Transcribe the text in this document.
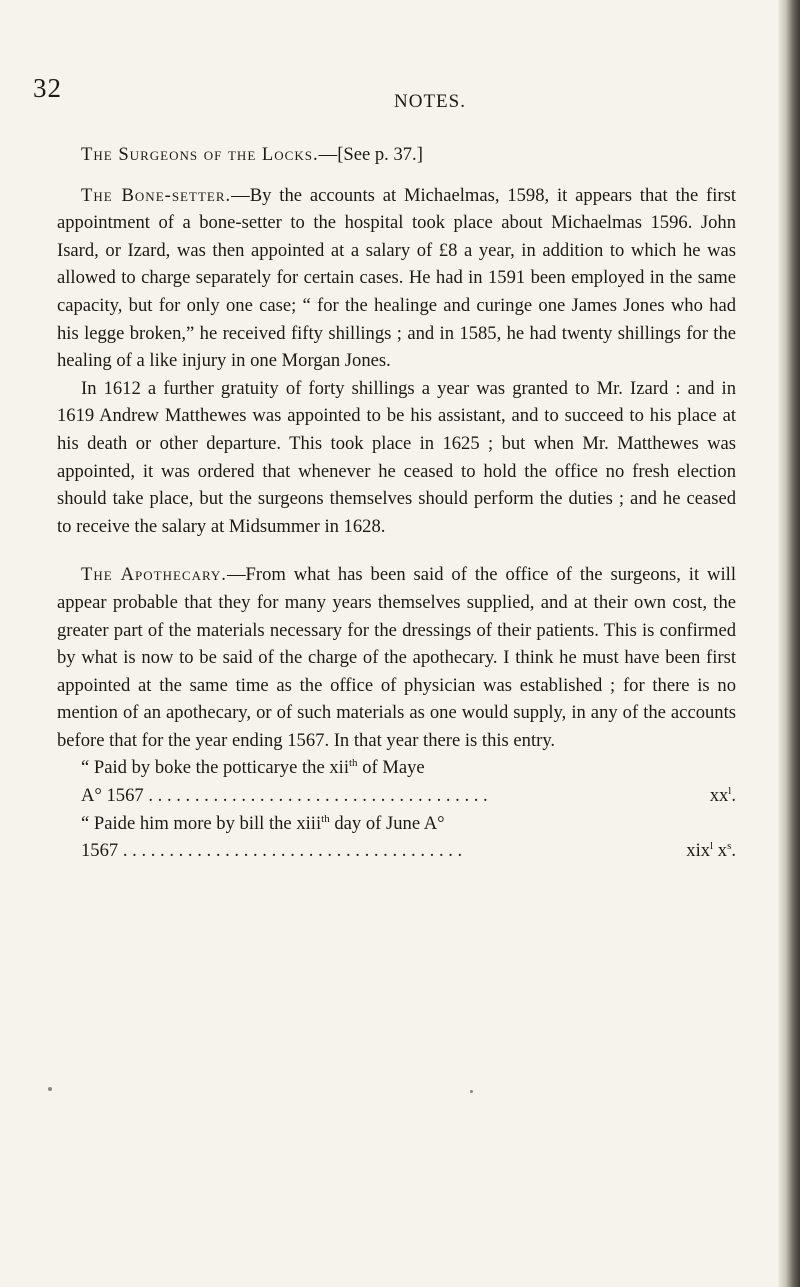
32	NOTES.

The Surgeons of the Locks.—[See p. 37.]

The Bone-setter.—By the accounts at Michaelmas, 1598, it appears that the first appointment of a bone-setter to the hospital took place about Michaelmas 1596. John Isard, or Izard, was then appointed at a salary of £8 a year, in addition to which he was allowed to charge separately for certain cases. He had in 1591 been employed in the same capacity, but for only one case; “ for the healinge and curinge one James Jones who had his legge broken,” he received fifty shillings ; and in 1585, he had twenty shillings for the healing of a like injury in one Morgan Jones.

In 1612 a further gratuity of forty shillings a year was granted to Mr. Izard : and in 1619 Andrew Matthewes was appointed to be his assistant, and to succeed to his place at his death or other departure. This took place in 1625 ; but when Mr. Matthewes was appointed, it was ordered that whenever he ceased to hold the office no fresh election should take place, but the surgeons themselves should perform the duties ; and he ceased to receive the salary at Midsummer in 1628.

The Apothecary.—From what has been said of the office of the surgeons, it will appear probable that they for many years themselves supplied, and at their own cost, the greater part of the materials necessary for the dressings of their patients. This is confirmed by what is now to be said of the charge of the apothecary. I think he must have been first appointed at the same time as the office of physician was established ; for there is no mention of an apothecary, or of such materials as one would supply, in any of the accounts before that for the year ending 1567. In that year there is this entry.

“ Paid by boke the potticarye the xii$^{th}$ of Maye
A° 1567 . . . . . . . . . . . . . . . . . . . . . . . . . . . . . . . . . . . . .	$xx^l$.
“ Paide him more by bill the xiii$^{th}$ day of June A°
1567 . . . . . . . . . . . . . . . . . . . . . . . . . . . . . . . . . . . . .	xix$^l$ $x^s$.
